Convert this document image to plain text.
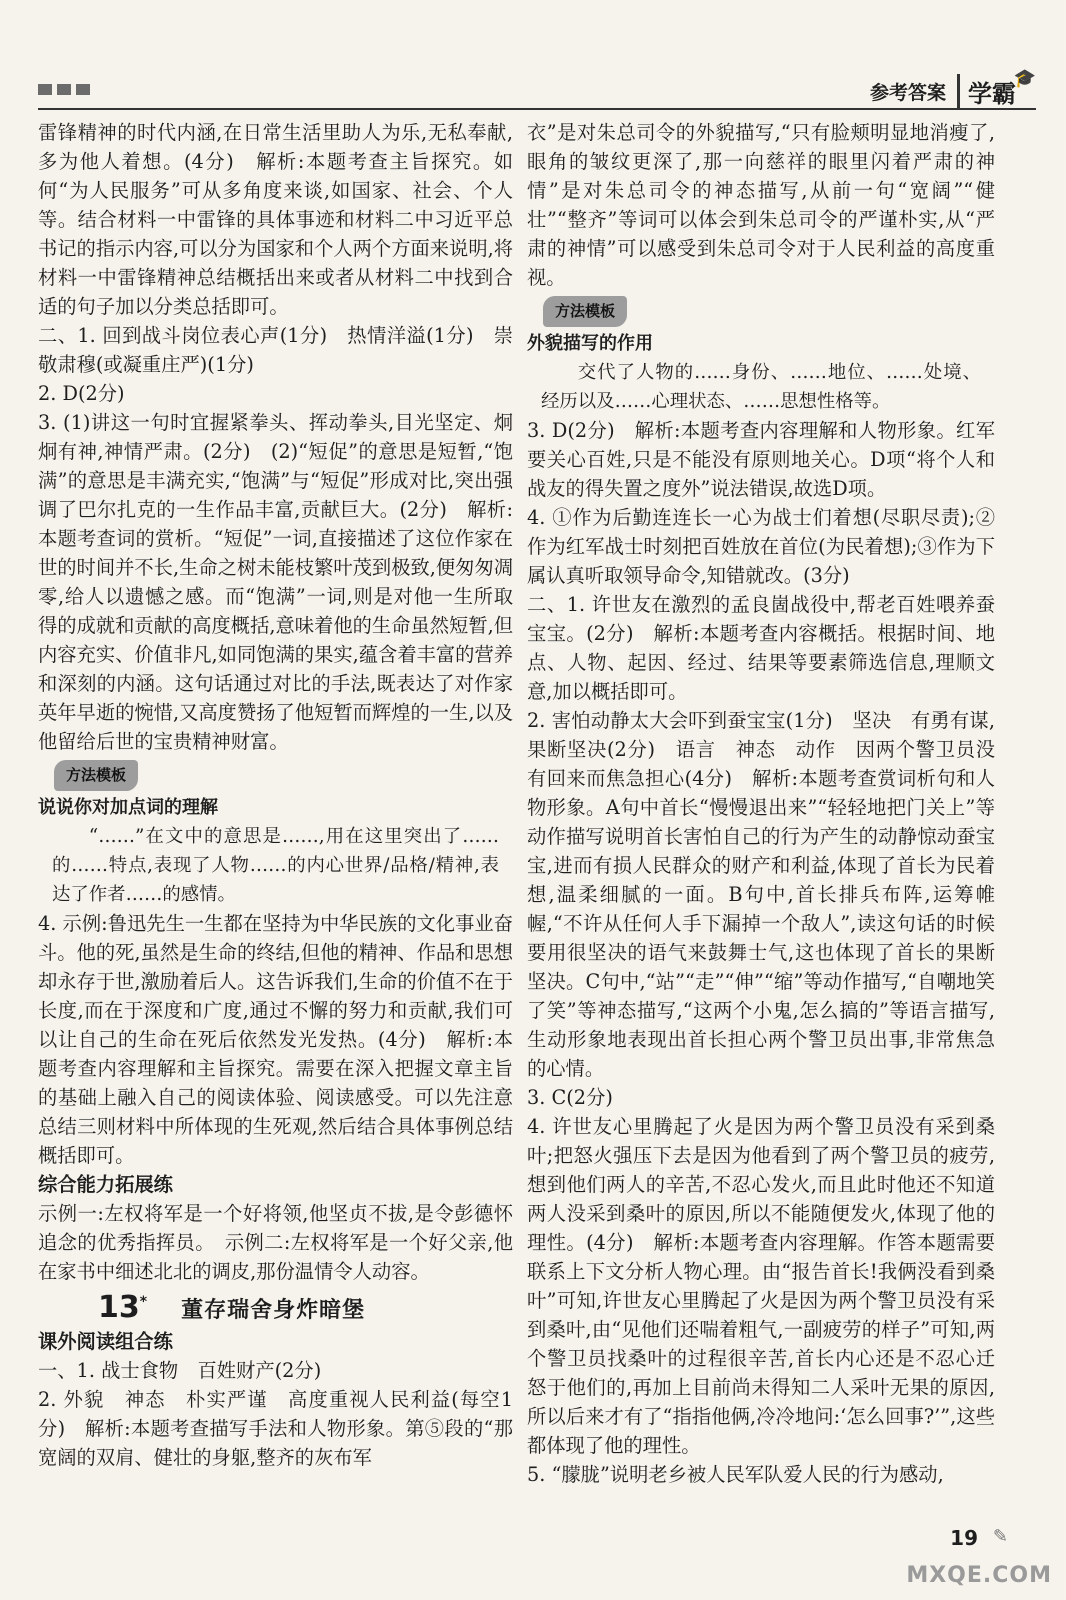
参考答案 学霸
🎓

雷锋精神的时代内涵,在日常生活里助人为乐,无私奉献,多为他人着想。(4分)　解析:本题考查主旨探究。如何“为人民服务”可从多角度来谈,如国家、社会、个人等。结合材料一中雷锋的具体事迹和材料二中习近平总书记的指示内容,可以分为国家和个人两个方面来说明,将材料一中雷锋精神总结概括出来或者从材料二中找到合适的句子加以分类总括即可。

二、1. 回到战斗岗位表心声(1分)　热情洋溢(1分)　崇敬肃穆(或凝重庄严)(1分)

2. D(2分)

3. (1)讲这一句时宜握紧拳头、挥动拳头,目光坚定、炯炯有神,神情严肃。(2分)　(2)“短促”的意思是短暂,“饱满”的意思是丰满充实,“饱满”与“短促”形成对比,突出强调了巴尔扎克的一生作品丰富,贡献巨大。(2分)　解析:本题考查词的赏析。“短促”一词,直接描述了这位作家在世的时间并不长,生命之树未能枝繁叶茂到极致,便匆匆凋零,给人以遗憾之感。而“饱满”一词,则是对他一生所取得的成就和贡献的高度概括,意味着他的生命虽然短暂,但内容充实、价值非凡,如同饱满的果实,蕴含着丰富的营养和深刻的内涵。这句话通过对比的手法,既表达了对作家英年早逝的惋惜,又高度赞扬了他短暂而辉煌的一生,以及他留给后世的宝贵精神财富。

方法模板

说说你对加点词的理解

“……”在文中的意思是……,用在这里突出了……的……特点,表现了人物……的内心世界/品格/精神,表达了作者……的感情。

4. 示例:鲁迅先生一生都在坚持为中华民族的文化事业奋斗。他的死,虽然是生命的终结,但他的精神、作品和思想却永存于世,激励着后人。这告诉我们,生命的价值不在于长度,而在于深度和广度,通过不懈的努力和贡献,我们可以让自己的生命在死后依然发光发热。(4分)　解析:本题考查内容理解和主旨探究。需要在深入把握文章主旨的基础上融入自己的阅读体验、阅读感受。可以先注意总结三则材料中所体现的生死观,然后结合具体事例总结概括即可。

综合能力拓展练

示例一:左权将军是一个好将领,他坚贞不拔,是令彭德怀追念的优秀指挥员。　示例二:左权将军是一个好父亲,他在家书中细述北北的调皮,那份温情令人动容。

13* 董存瑞舍身炸暗堡

课外阅读组合练

一、1. 战士食物　百姓财产(2分)

2. 外貌　神态　朴实严谨　高度重视人民利益(每空1分)　解析:本题考查描写手法和人物形象。第⑤段的“那宽阔的双肩、健壮的身躯,整齐的灰布军

衣”是对朱总司令的外貌描写,“只有脸颊明显地消瘦了,眼角的皱纹更深了,那一向慈祥的眼里闪着严肃的神情”是对朱总司令的神态描写,从前一句“宽阔”“健壮”“整齐”等词可以体会到朱总司令的严谨朴实,从“严肃的神情”可以感受到朱总司令对于人民利益的高度重视。

方法模板

外貌描写的作用

交代了人物的……身份、……地位、……处境、经历以及……心理状态、……思想性格等。

3. D(2分)　解析:本题考查内容理解和人物形象。红军要关心百姓,只是不能没有原则地关心。D项“将个人和战友的得失置之度外”说法错误,故选D项。

4. ①作为后勤连连长一心为战士们着想(尽职尽责);②作为红军战士时刻把百姓放在首位(为民着想);③作为下属认真听取领导命令,知错就改。(3分)

二、1. 许世友在激烈的孟良崮战役中,帮老百姓喂养蚕宝宝。(2分)　解析:本题考查内容概括。根据时间、地点、人物、起因、经过、结果等要素筛选信息,理顺文意,加以概括即可。

2. 害怕动静太大会吓到蚕宝宝(1分)　坚决　有勇有谋,果断坚决(2分)　语言　神态　动作　因两个警卫员没有回来而焦急担心(4分)　解析:本题考查赏词析句和人物形象。A句中首长“慢慢退出来”“轻轻地把门关上”等动作描写说明首长害怕自己的行为产生的动静惊动蚕宝宝,进而有损人民群众的财产和利益,体现了首长为民着想,温柔细腻的一面。B句中,首长排兵布阵,运筹帷幄,“不许从任何人手下漏掉一个敌人”,读这句话的时候要用很坚决的语气来鼓舞士气,这也体现了首长的果断坚决。C句中,“站”“走”“伸”“缩”等动作描写,“自嘲地笑了笑”等神态描写,“这两个小鬼,怎么搞的”等语言描写,生动形象地表现出首长担心两个警卫员出事,非常焦急的心情。

3. C(2分)

4. 许世友心里腾起了火是因为两个警卫员没有采到桑叶;把怒火强压下去是因为他看到了两个警卫员的疲劳,想到他们两人的辛苦,不忍心发火,而且此时他还不知道两人没采到桑叶的原因,所以不能随便发火,体现了他的理性。(4分)　解析:本题考查内容理解。作答本题需要联系上下文分析人物心理。由“报告首长!我俩没看到桑叶”可知,许世友心里腾起了火是因为两个警卫员没有采到桑叶,由“见他们还喘着粗气,一副疲劳的样子”可知,两个警卫员找桑叶的过程很辛苦,首长内心还是不忍心迁怒于他们的,再加上目前尚未得知二人采叶无果的原因,所以后来才有了“指指他俩,冷冷地问:‘怎么回事?’”,这些都体现了他的理性。

5. “朦胧”说明老乡被人民军队爱人民的行为感动,

19 ✎
MXQE.COM
